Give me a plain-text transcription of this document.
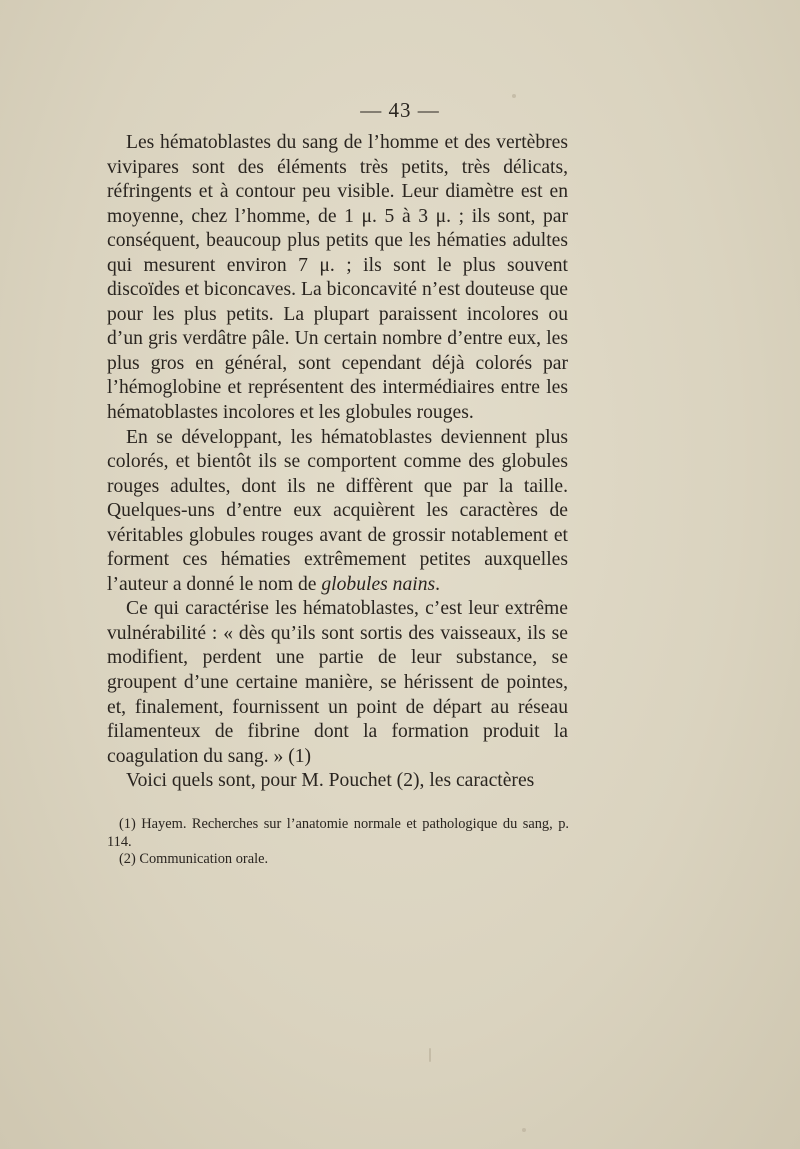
— 43 —

Les hématoblastes du sang de l’homme et des vertèbres vivipares sont des éléments très petits, très délicats, réfringents et à contour peu visible. Leur diamètre est en moyenne, chez l’homme, de 1 μ. 5 à 3 μ. ; ils sont, par conséquent, beaucoup plus petits que les hématies adultes qui mesurent environ 7 μ. ; ils sont le plus souvent discoïdes et biconcaves. La biconcavité n’est douteuse que pour les plus petits. La plupart paraissent incolores ou d’un gris verdâtre pâle. Un certain nombre d’entre eux, les plus gros en général, sont cependant déjà colorés par l’hémoglobine et représentent des intermédiaires entre les hématoblastes incolores et les globules rouges.

En se développant, les hématoblastes deviennent plus colorés, et bientôt ils se comportent comme des globules rouges adultes, dont ils ne diffèrent que par la taille. Quelques-uns d’entre eux acquièrent les caractères de véritables globules rouges avant de grossir notablement et forment ces hématies extrêmement petites auxquelles l’auteur a donné le nom de globules nains.

Ce qui caractérise les hématoblastes, c’est leur extrême vulnérabilité : « dès qu’ils sont sortis des vaisseaux, ils se modifient, perdent une partie de leur substance, se groupent d’une certaine manière, se hérissent de pointes, et, finalement, fournissent un point de départ au réseau filamenteux de fibrine dont la formation produit la coagulation du sang. » (1)

Voici quels sont, pour M. Pouchet (2), les caractères

(1) Hayem. Recherches sur l’anatomie normale et pathologique du sang, p. 114.

(2) Communication orale.
